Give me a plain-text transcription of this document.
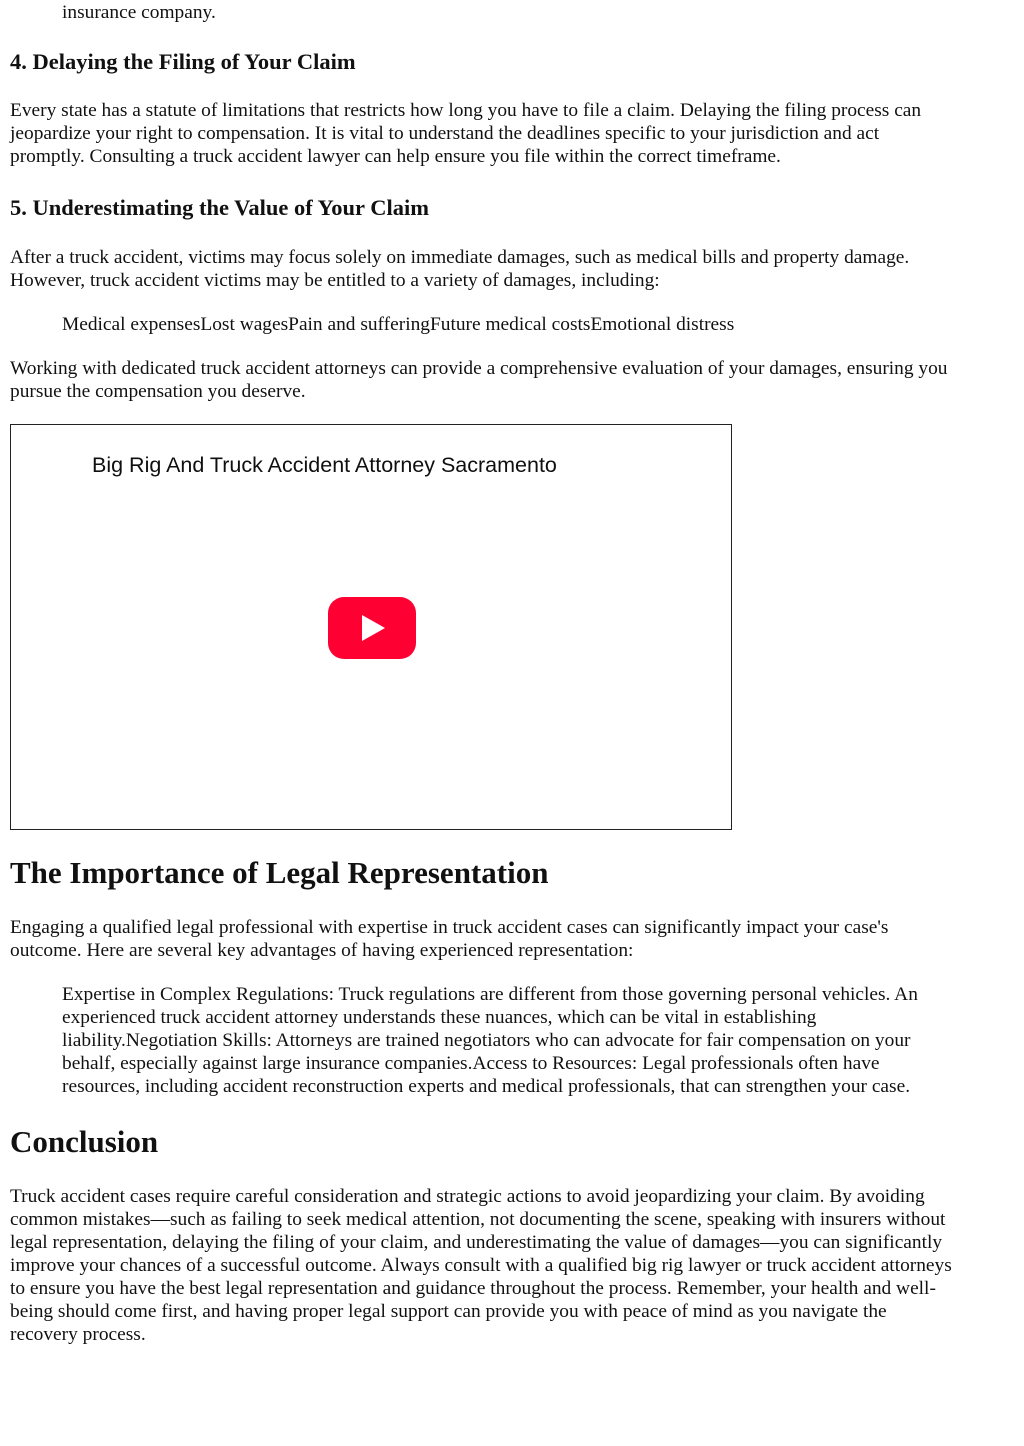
insurance company.

4. Delaying the Filing of Your Claim

Every state has a statute of limitations that restricts how long you have to file a claim. Delaying the filing process can

jeopardize your right to compensation. It is vital to understand the deadlines specific to your jurisdiction and act

promptly. Consulting a truck accident lawyer can help ensure you file within the correct timeframe.

5. Underestimating the Value of Your Claim

After a truck accident, victims may focus solely on immediate damages, such as medical bills and property damage.

However, truck accident victims may be entitled to a variety of damages, including:

Medical expensesLost wagesPain and sufferingFuture medical costsEmotional distress

Working with dedicated truck accident attorneys can provide a comprehensive evaluation of your damages, ensuring you

pursue the compensation you deserve.

Big Rig And Truck Accident Attorney Sacramento
The Importance of Legal Representation

Engaging a qualified legal professional with expertise in truck accident cases can significantly impact your case's

outcome. Here are several key advantages of having experienced representation:

Expertise in Complex Regulations: Truck regulations are different from those governing personal vehicles. An

experienced truck accident attorney understands these nuances, which can be vital in establishing

liability.Negotiation Skills: Attorneys are trained negotiators who can advocate for fair compensation on your

behalf, especially against large insurance companies.Access to Resources: Legal professionals often have

resources, including accident reconstruction experts and medical professionals, that can strengthen your case.

Conclusion

Truck accident cases require careful consideration and strategic actions to avoid jeopardizing your claim. By avoiding

common mistakes—such as failing to seek medical attention, not documenting the scene, speaking with insurers without

legal representation, delaying the filing of your claim, and underestimating the value of damages—you can significantly

improve your chances of a successful outcome. Always consult with a qualified big rig lawyer or truck accident attorneys

to ensure you have the best legal representation and guidance throughout the process. Remember, your health and well-

being should come first, and having proper legal support can provide you with peace of mind as you navigate the

recovery process.
